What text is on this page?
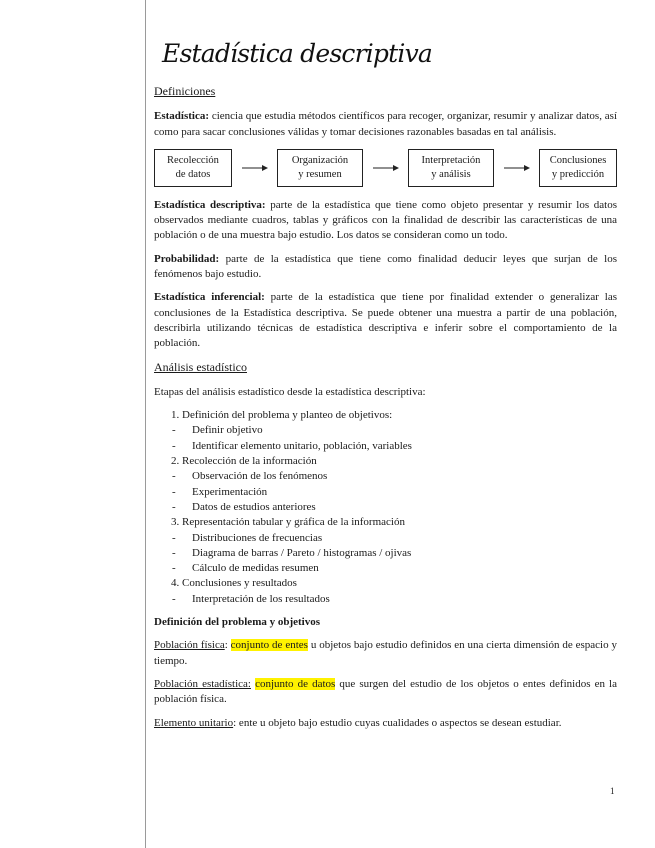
Estadística descriptiva
Definiciones

Estadística: ciencia que estudia métodos científicos para recoger, organizar, resumir y analizar datos, así como para sacar conclusiones válidas y tomar decisiones razonables basadas en tal análisis.

Recolección
de datos
Organización
y resumen
Interpretación
y análisis
Conclusiones
y predicción

Estadística descriptiva: parte de la estadística que tiene como objeto presentar y resumir los datos observados mediante cuadros, tablas y gráficos con la finalidad de describir las características de una población o de una muestra bajo estudio. Los datos se consideran como un todo.

Probabilidad: parte de la estadística que tiene como finalidad deducir leyes que surjan de los fenómenos bajo estudio.

Estadística inferencial: parte de la estadística que tiene por finalidad extender o generalizar las conclusiones de la Estadística descriptiva. Se puede obtener una muestra a partir de una población, describirla utilizando técnicas de estadística descriptiva e inferir sobre el comportamiento de la población.

Análisis estadístico

Etapas del análisis estadístico desde la estadística descriptiva:

1. Definición del problema y planteo de objetivos:
- Definir objetivo
- Identificar elemento unitario, población, variables
2. Recolección de la información
- Observación de los fenómenos
- Experimentación
- Datos de estudios anteriores
3. Representación tabular y gráfica de la información
- Distribuciones de frecuencias
- Diagrama de barras / Pareto / histogramas / ojivas
- Cálculo de medidas resumen
4. Conclusiones y resultados
- Interpretación de los resultados

Definición del problema y objetivos

Población física: conjunto de entes u objetos bajo estudio definidos en una cierta dimensión de espacio y tiempo.

Población estadística: conjunto de datos que surgen del estudio de los objetos o entes definidos en la población física.

Elemento unitario: ente u objeto bajo estudio cuyas cualidades o aspectos se desean estudiar.

1
